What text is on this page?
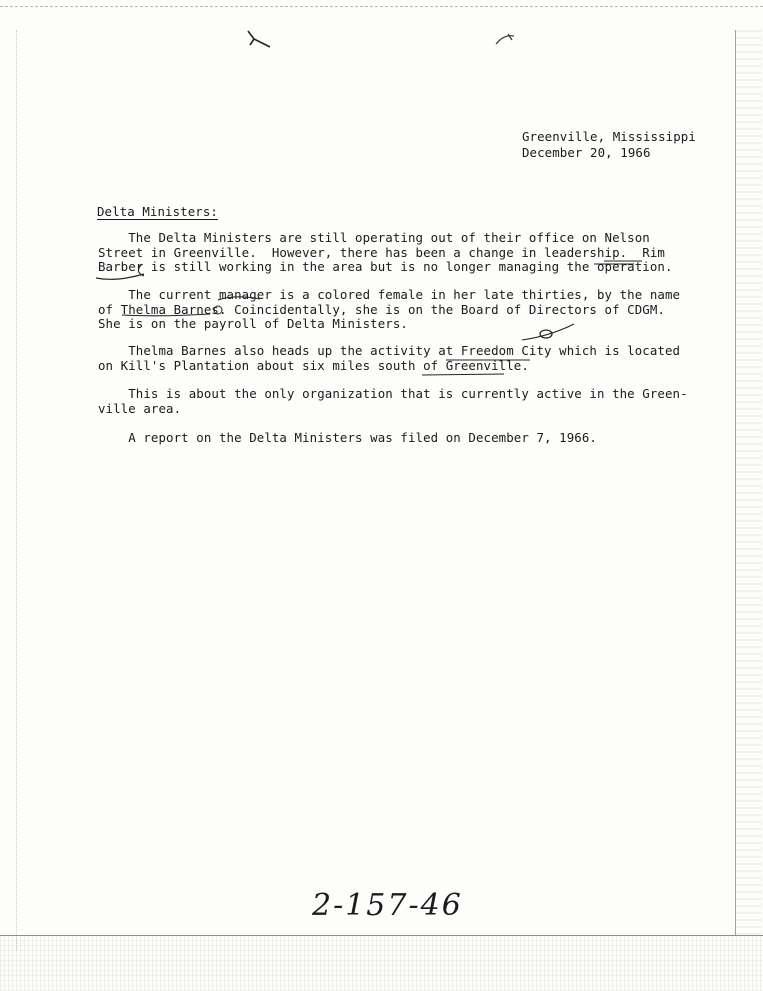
Greenville, Mississippi
December 20, 1966
Delta Ministers:
The Delta Ministers are still operating out of their office on Nelson
Street in Greenville.  However, there has been a change in leadership.  Rim
Barber is still working in the area but is no longer managing the operation.
The current manager is a colored female in her late thirties, by the name
of Thelma Barnes. Coincidentally, she is on the Board of Directors of CDGM.
She is on the payroll of Delta Ministers.
Thelma Barnes also heads up the activity at Freedom City which is located
on Kill's Plantation about six miles south of Greenville.
This is about the only organization that is currently active in the Green-
ville area.
A report on the Delta Ministers was filed on December 7, 1966.
2-157-46
